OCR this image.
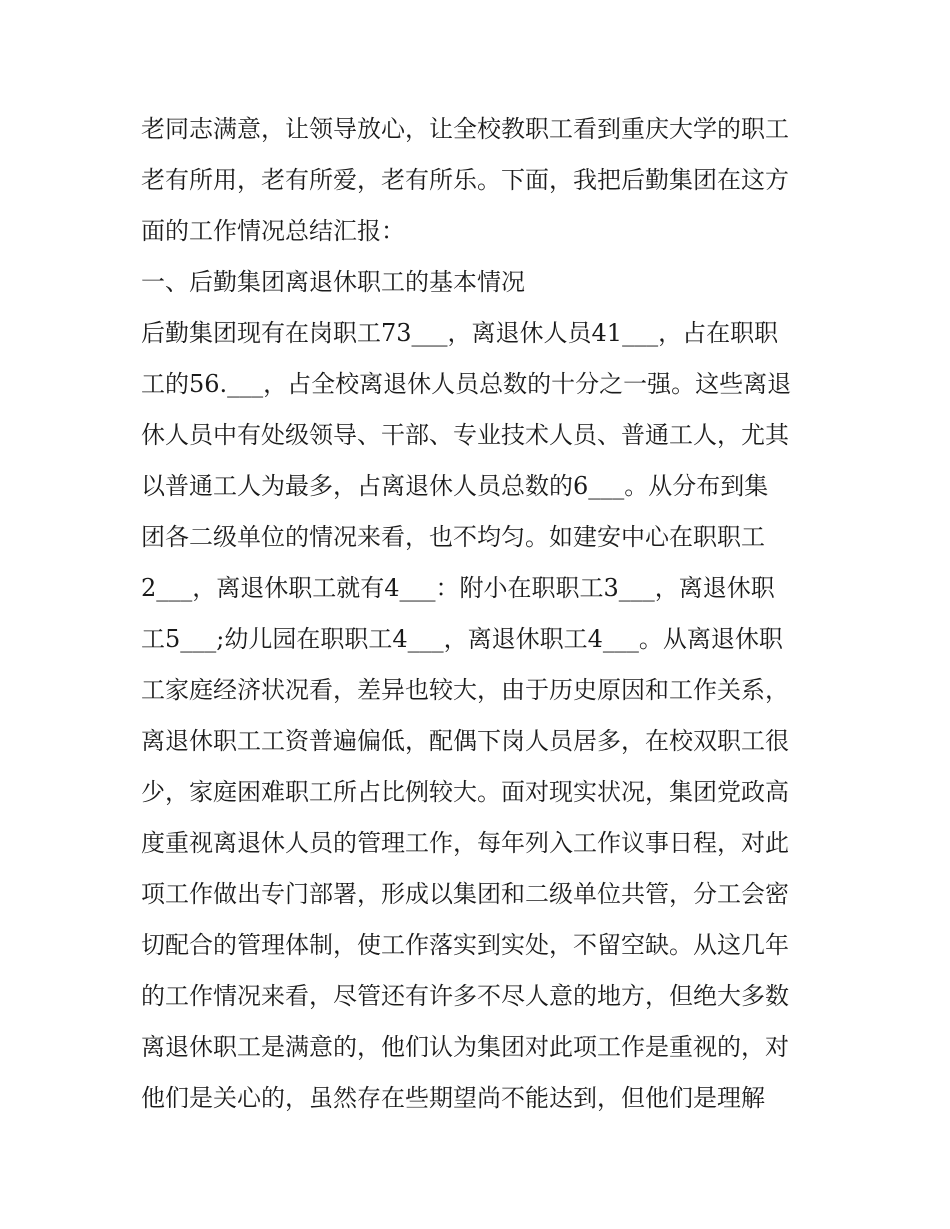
老同志满意，让领导放心，让全校教职工看到重庆大学的职工
老有所用，老有所爱，老有所乐。下面，我把后勤集团在这方
面的工作情况总结汇报：
一、后勤集团离退休职工的基本情况
后勤集团现有在岗职工73___，离退休人员41___，占在职职
工的56.___，占全校离退休人员总数的十分之一强。这些离退
休人员中有处级领导、干部、专业技术人员、普通工人，尤其
以普通工人为最多，占离退休人员总数的6___。从分布到集
团各二级单位的情况来看，也不均匀。如建安中心在职职工
2___，离退休职工就有4___：附小在职职工3___，离退休职
工5___;幼儿园在职职工4___，离退休职工4___。从离退休职
工家庭经济状况看，差异也较大，由于历史原因和工作关系，
离退休职工工资普遍偏低，配偶下岗人员居多，在校双职工很
少，家庭困难职工所占比例较大。面对现实状况，集团党政高
度重视离退休人员的管理工作，每年列入工作议事日程，对此
项工作做出专门部署，形成以集团和二级单位共管，分工会密
切配合的管理体制，使工作落实到实处，不留空缺。从这几年
的工作情况来看，尽管还有许多不尽人意的地方，但绝大多数
离退休职工是满意的，他们认为集团对此项工作是重视的，对
他们是关心的，虽然存在些期望尚不能达到，但他们是理解
